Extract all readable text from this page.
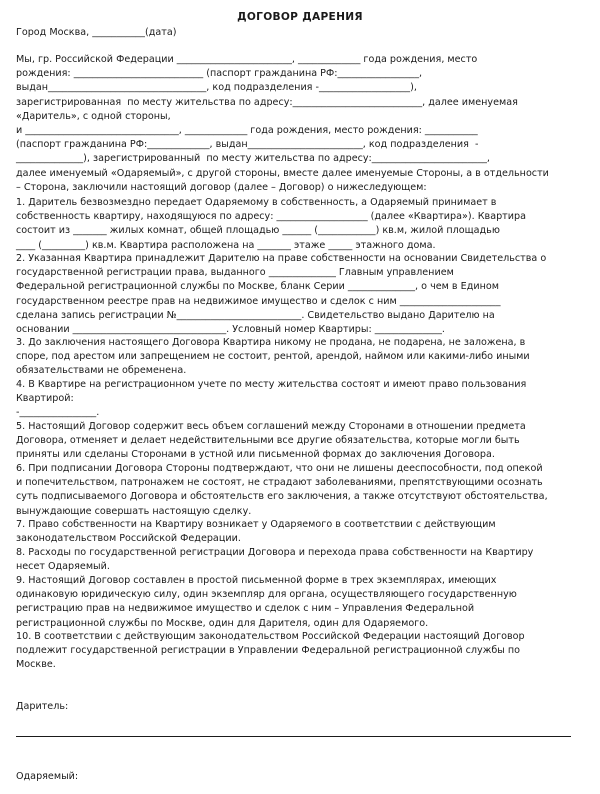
ДОГОВОР ДАРЕНИЯ

Город Москва, ___________(дата)

Мы, гр. Российской Федерации ________________________, _____________ года рождения, место

рождения: ___________________________ (паспорт гражданина РФ:_________________,

выдан_________________________________, код подразделения -___________________),

зарегистрированная  по месту жительства по адресу:___________________________, далее именуемая

«Даритель», с одной стороны,

и ________________________________, _____________ года рождения, место рождения: ___________

(паспорт гражданина РФ:_____________, выдан________________________, код подразделения  -

______________), зарегистрированный  по месту жительства по адресу:________________________,

далее именуемый «Одаряемый», с другой стороны, вместе далее именуемые Стороны, а в отдельности

– Сторона, заключили настоящий договор (далее – Договор) о нижеследующем:

1. Даритель безвозмездно передает Одаряемому в собственность, а Одаряемый принимает в

собственность квартиру, находящуюся по адресу: ___________________ (далее «Квартира»). Квартира

состоит из _______ жилых комнат, общей площадью ______ (____________) кв.м, жилой площадью

____ (_________) кв.м. Квартира расположена на _______ этаже _____ этажного дома.

2. Указанная Квартира принадлежит Дарителю на праве собственности на основании Свидетельства о

государственной регистрации права, выданного ______________ Главным управлением

Федеральной регистрационной службы по Москве, бланк Серии ______________, о чем в Едином

государственном реестре прав на недвижимое имущество и сделок с ним _____________________

сделана запись регистрации №__________________________. Свидетельство выдано Дарителю на

основании ________________________________. Условный номер Квартиры: ______________.

3. До заключения настоящего Договора Квартира никому не продана, не подарена, не заложена, в

споре, под арестом или запрещением не состоит, рентой, арендой, наймом или какими-либо иными

обязательствами не обременена.

4. В Квартире на регистрационном учете по месту жительства состоят и имеют право пользования

Квартирой:

-________________.

5. Настоящий Договор содержит весь объем соглашений между Сторонами в отношении предмета

Договора, отменяет и делает недействительными все другие обязательства, которые могли быть

приняты или сделаны Сторонами в устной или письменной формах до заключения Договора.

6. При подписании Договора Стороны подтверждают, что они не лишены дееспособности, под опекой

и попечительством, патронажем не состоят, не страдают заболеваниями, препятствующими осознать

суть подписываемого Договора и обстоятельств его заключения, а также отсутствуют обстоятельства,

вынуждающие совершать настоящую сделку.

7. Право собственности на Квартиру возникает у Одаряемого в соответствии с действующим

законодательством Российской Федерации.

8. Расходы по государственной регистрации Договора и перехода права собственности на Квартиру

несет Одаряемый.

9. Настоящий Договор составлен в простой письменной форме в трех экземплярах, имеющих

одинаковую юридическую силу, один экземпляр для органа, осуществляющего государственную

регистрацию прав на недвижимое имущество и сделок с ним – Управления Федеральной

регистрационной службы по Москве, один для Дарителя, один для Одаряемого.

10. В соответствии с действующим законодательством Российской Федерации настоящий Договор

подлежит государственной регистрации в Управлении Федеральной регистрационной службы по

Москве.

Даритель:
Одаряемый:
